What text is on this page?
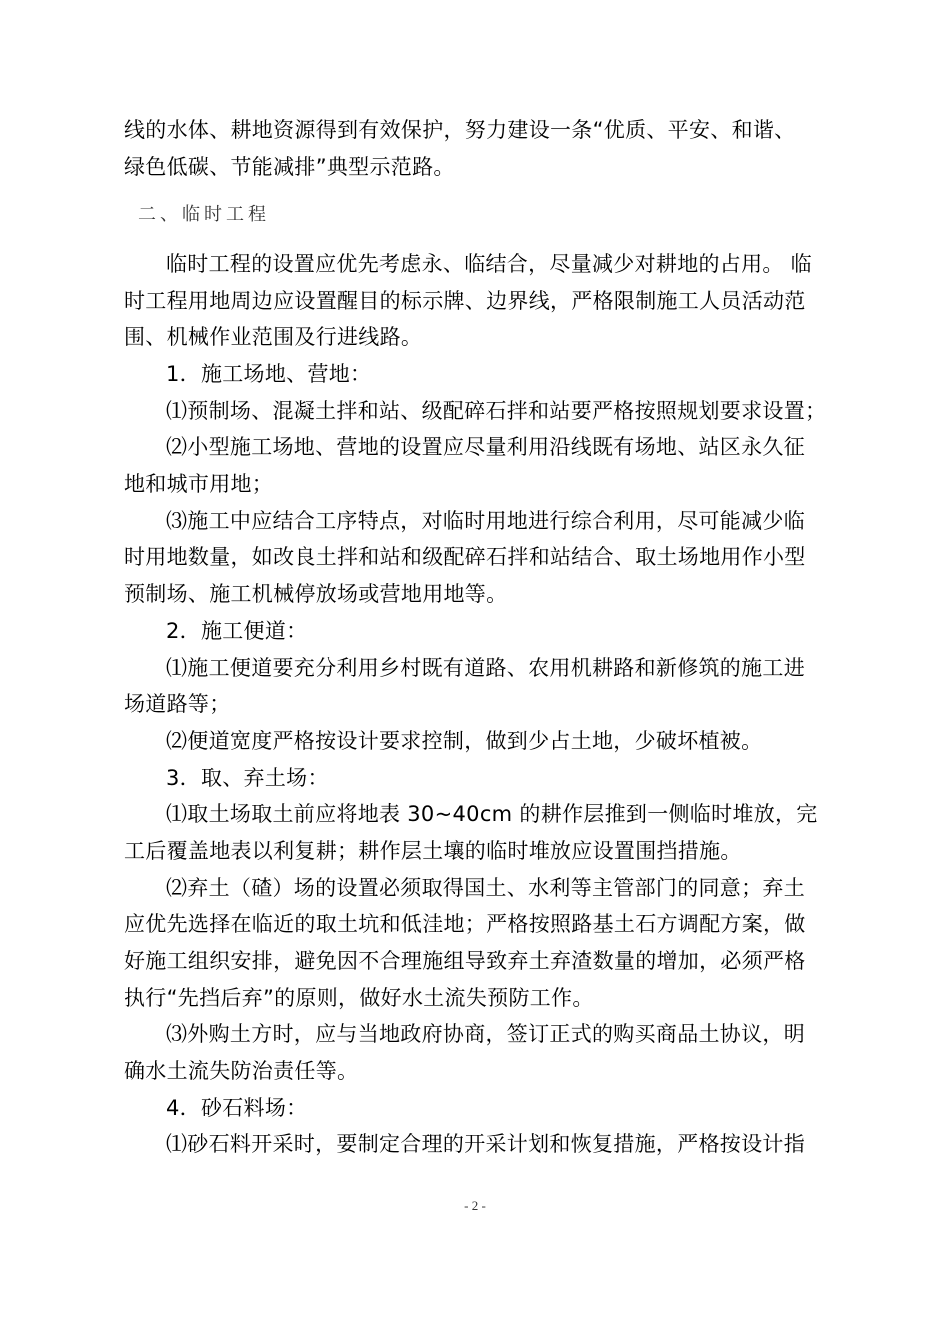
线的水体、耕地资源得到有效保护，努力建设一条“优质、平安、和谐、
绿色低碳、节能减排”典型示范路。
二、临时工程
临时工程的设置应优先考虑永、临结合，尽量减少对耕地的占用。 临
时工程用地周边应设置醒目的标示牌、边界线，严格限制施工人员活动范
围、机械作业范围及行进线路。
1．施工场地、营地：
⑴预制场、混凝土拌和站、级配碎石拌和站要严格按照规划要求设置；
⑵小型施工场地、营地的设置应尽量利用沿线既有场地、站区永久征
地和城市用地；
⑶施工中应结合工序特点，对临时用地进行综合利用，尽可能减少临
时用地数量，如改良土拌和站和级配碎石拌和站结合、取土场地用作小型
预制场、施工机械停放场或营地用地等。
2．施工便道：
⑴施工便道要充分利用乡村既有道路、农用机耕路和新修筑的施工进
场道路等；
⑵便道宽度严格按设计要求控制，做到少占土地，少破坏植被。
3．取、弃土场：
⑴取土场取土前应将地表 30~40cm 的耕作层推到一侧临时堆放，完
工后覆盖地表以利复耕；耕作层土壤的临时堆放应设置围挡措施。
⑵弃土（碴）场的设置必须取得国土、水利等主管部门的同意；弃土
应优先选择在临近的取土坑和低洼地；严格按照路基土石方调配方案，做
好施工组织安排，避免因不合理施组导致弃土弃渣数量的增加，必须严格
执行“先挡后弃”的原则，做好水土流失预防工作。
⑶外购土方时，应与当地政府协商，签订正式的购买商品土协议，明
确水土流失防治责任等。
4．砂石料场：
⑴砂石料开采时，要制定合理的开采计划和恢复措施，严格按设计指
- 2 -
